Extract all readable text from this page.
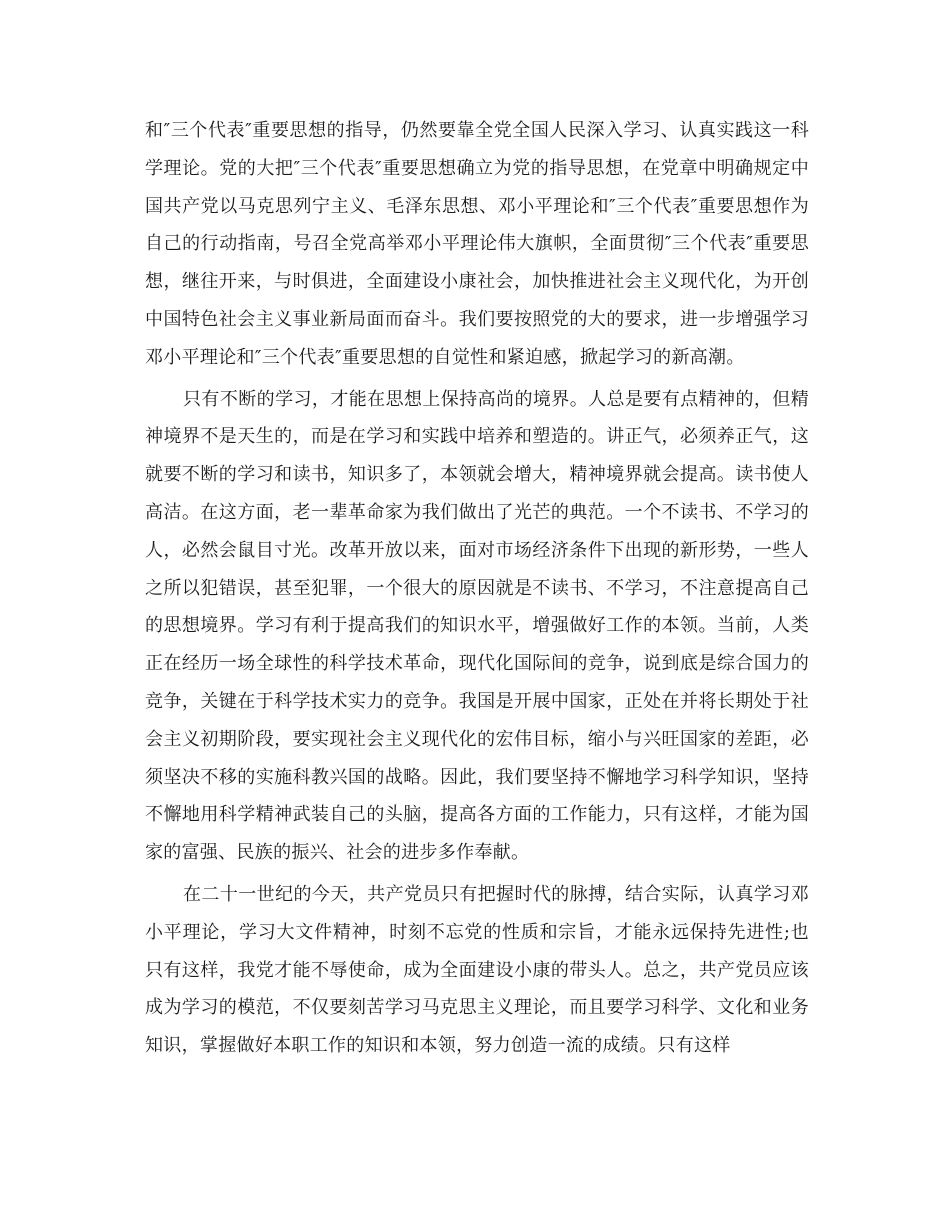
和″三个代表″重要思想的指导，仍然要靠全党全国人民深入学习、认真实践这一科学理论。党的大把″三个代表″重要思想确立为党的指导思想，在党章中明确规定中国共产党以马克思列宁主义、毛泽东思想、邓小平理论和″三个代表″重要思想作为自己的行动指南，号召全党高举邓小平理论伟大旗帜，全面贯彻″三个代表″重要思想，继往开来，与时俱进，全面建设小康社会，加快推进社会主义现代化，为开创中国特色社会主义事业新局面而奋斗。我们要按照党的大的要求，进一步增强学习邓小平理论和″三个代表″重要思想的自觉性和紧迫感，掀起学习的新高潮。

只有不断的学习，才能在思想上保持高尚的境界。人总是要有点精神的，但精神境界不是天生的，而是在学习和实践中培养和塑造的。讲正气，必须养正气，这就要不断的学习和读书，知识多了，本领就会增大，精神境界就会提高。读书使人高洁。在这方面，老一辈革命家为我们做出了光芒的典范。一个不读书、不学习的人，必然会鼠目寸光。改革开放以来，面对市场经济条件下出现的新形势，一些人之所以犯错误，甚至犯罪，一个很大的原因就是不读书、不学习，不注意提高自己的思想境界。学习有利于提高我们的知识水平，增强做好工作的本领。当前，人类正在经历一场全球性的科学技术革命，现代化国际间的竞争，说到底是综合国力的竞争，关键在于科学技术实力的竞争。我国是开展中国家，正处在并将长期处于社会主义初期阶段，要实现社会主义现代化的宏伟目标，缩小与兴旺国家的差距，必须坚决不移的实施科教兴国的战略。因此，我们要坚持不懈地学习科学知识，坚持不懈地用科学精神武装自己的头脑，提高各方面的工作能力，只有这样，才能为国家的富强、民族的振兴、社会的进步多作奉献。

在二十一世纪的今天，共产党员只有把握时代的脉搏，结合实际，认真学习邓小平理论，学习大文件精神，时刻不忘党的性质和宗旨，才能永远保持先进性;也只有这样，我党才能不辱使命，成为全面建设小康的带头人。总之，共产党员应该成为学习的模范，不仅要刻苦学习马克思主义理论，而且要学习科学、文化和业务知识，掌握做好本职工作的知识和本领，努力创造一流的成绩。只有这样
